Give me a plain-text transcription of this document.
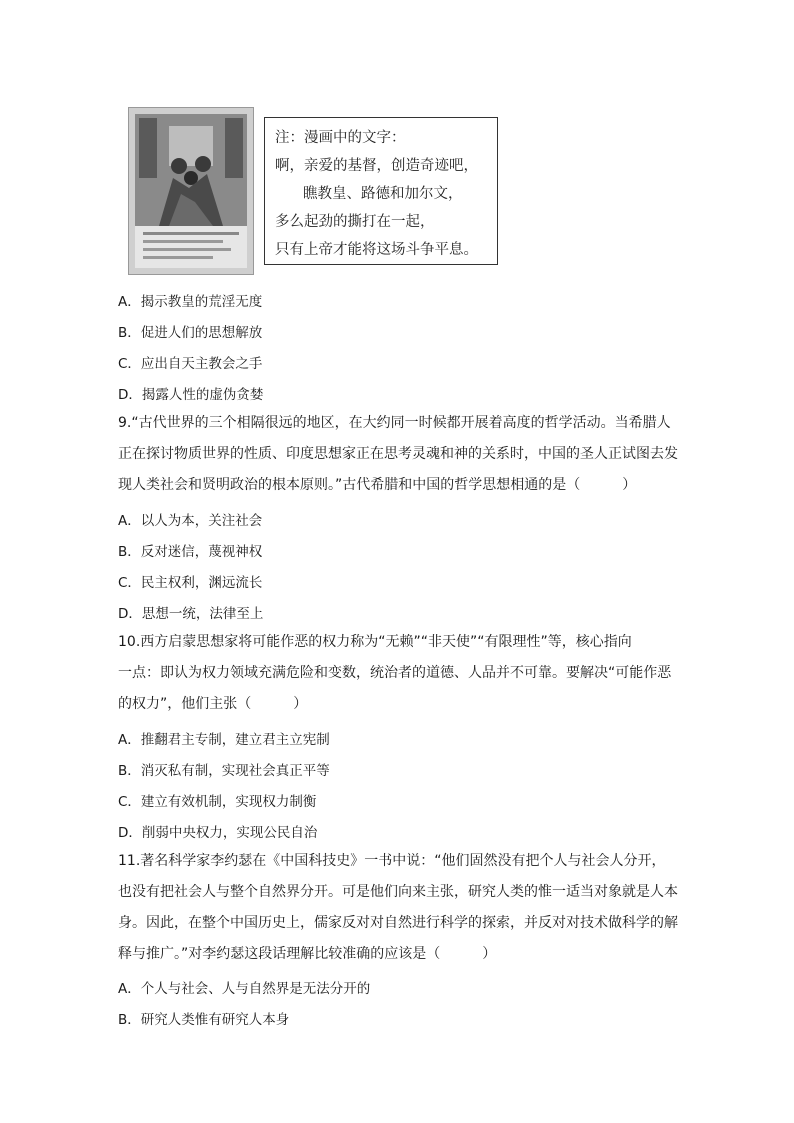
注：漫画中的文字：
啊，亲爱的基督，创造奇迹吧，
瞧教皇、路德和加尔文，
多么起劲的撕打在一起，
只有上帝才能将这场斗争平息。
A．揭示教皇的荒淫无度
B．促进人们的思想解放
C．应出自天主教会之手
D．揭露人性的虚伪贪婪
9.“古代世界的三个相隔很远的地区，在大约同一时候都开展着高度的哲学活动。当希腊人
正在探讨物质世界的性质、印度思想家正在思考灵魂和神的关系时，中国的圣人正试图去发
现人类社会和贤明政治的根本原则。”古代希腊和中国的哲学思想相通的是（　　　）
A．以人为本，关注社会
B．反对迷信，蔑视神权
C．民主权利，渊远流长
D．思想一统，法律至上
10.西方启蒙思想家将可能作恶的权力称为“无赖”“非天使”“有限理性”等，核心指向
一点：即认为权力领域充满危险和变数，统治者的道德、人品并不可靠。要解决“可能作恶
的权力”，他们主张（　　　）
A．推翻君主专制，建立君主立宪制
B．消灭私有制，实现社会真正平等
C．建立有效机制，实现权力制衡
D．削弱中央权力，实现公民自治
11.著名科学家李约瑟在《中国科技史》一书中说：“他们固然没有把个人与社会人分开，
也没有把社会人与整个自然界分开。可是他们向来主张，研究人类的惟一适当对象就是人本
身。因此，在整个中国历史上，儒家反对对自然进行科学的探索，并反对对技术做科学的解
释与推广。”对李约瑟这段话理解比较准确的应该是（　　　）
A．个人与社会、人与自然界是无法分开的
B．研究人类惟有研究人本身
